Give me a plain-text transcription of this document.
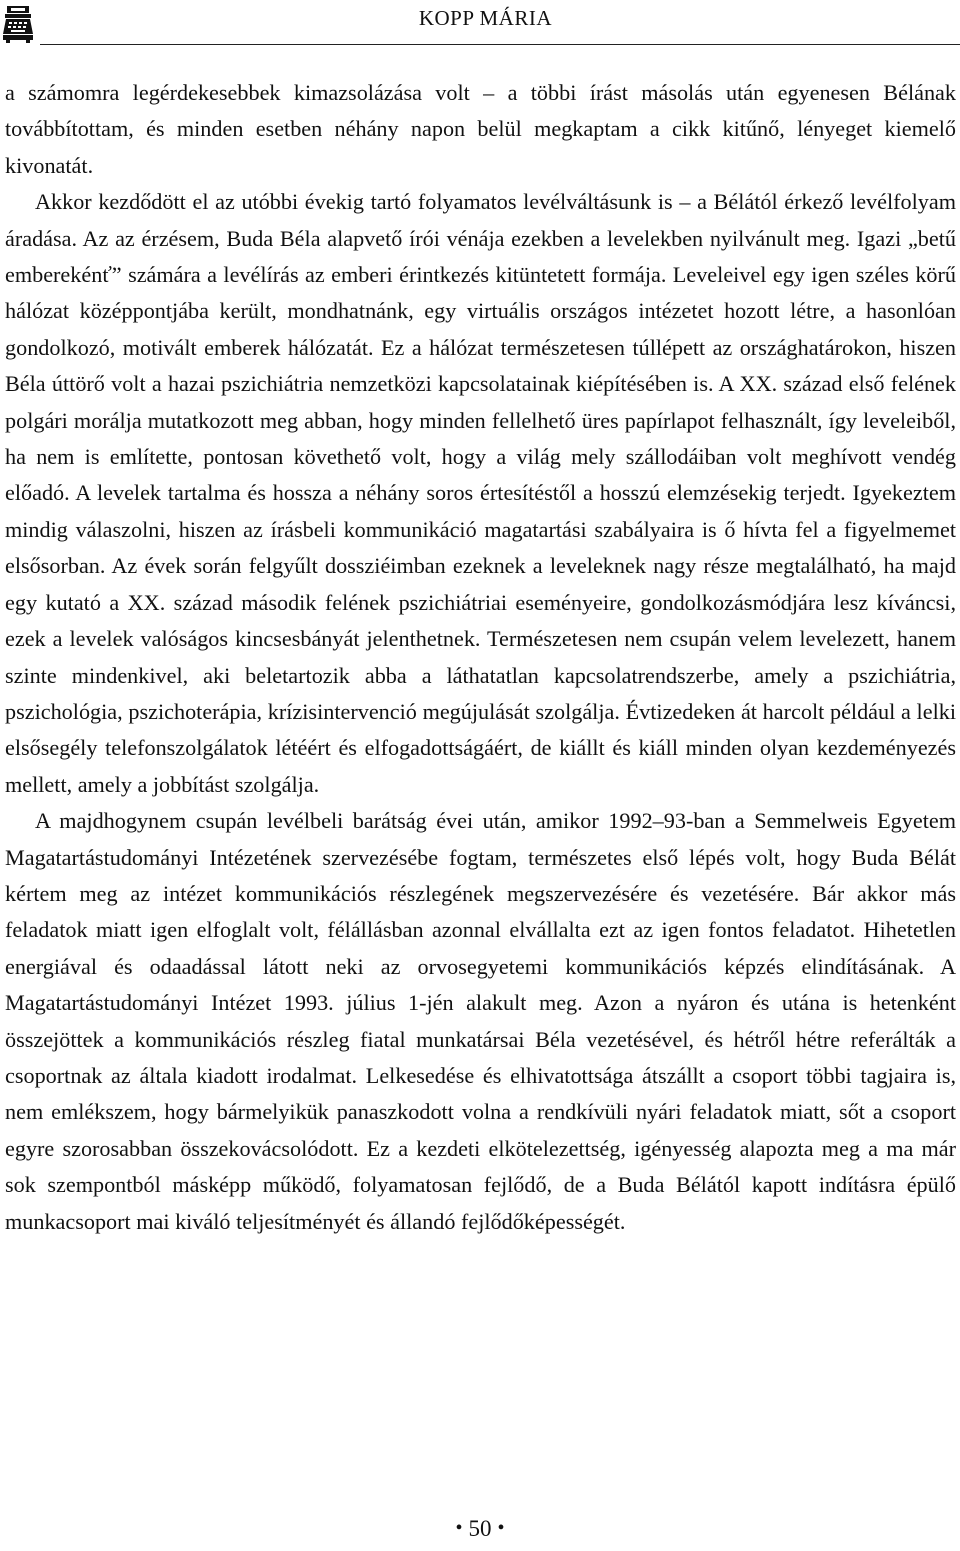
KOPP MÁRIA

a számomra legérdekesebbek kimazsolázása volt – a többi írást másolás után egyenesen Bélának továbbítottam, és minden esetben néhány napon belül megkaptam a cikk kitűnő, lényeget kiemelő kivonatát.

Akkor kezdődött el az utóbbi évekig tartó folyamatos levélváltásunk is – a Bélától érkező levélfolyam áradása. Az az érzésem, Buda Béla alapvető írói vénája ezekben a levelekben nyilvánult meg. Igazi „betű emberekénť” számára a levélírás az emberi érintkezés kitüntetett formája. Leveleivel egy igen széles körű hálózat középpontjába került, mondhatnánk, egy virtuális országos intézetet hozott létre, a hasonlóan gondolkozó, motivált emberek hálózatát. Ez a hálózat természetesen túllépett az országhatárokon, hiszen Béla úttörő volt a hazai pszichiátria nemzetközi kapcsolatainak kiépítésében is. A XX. század első felének polgári morálja mutatkozott meg abban, hogy minden fellelhető üres papírlapot felhasznált, így leveleiből, ha nem is említette, pontosan követhető volt, hogy a világ mely szállodáiban volt meghívott vendég előadó. A levelek tartalma és hossza a néhány soros értesítéstől a hosszú elemzésekig terjedt. Igyekeztem mindig válaszolni, hiszen az írásbeli kommunikáció magatartási szabályaira is ő hívta fel a figyelmemet elsősorban. Az évek során felgyűlt dossziéimban ezeknek a leveleknek nagy része megtalálható, ha majd egy kutató a XX. század második felének pszichiátriai eseményeire, gondolkozásmódjára lesz kíváncsi, ezek a levelek valóságos kincsesbányát jelenthetnek. Természetesen nem csupán velem levelezett, hanem szinte mindenkivel, aki beletartozik abba a láthatatlan kapcsolatrendszerbe, amely a pszichiátria, pszichológia, pszichoterápia, krízisintervenció megújulását szolgálja. Évtizedeken át harcolt például a lelki elsősegély telefonszolgálatok létéért és elfogadottságáért, de kiállt és kiáll minden olyan kezdeményezés mellett, amely a jobbítást szolgálja.

A majdhogynem csupán levélbeli barátság évei után, amikor 1992–93-ban a Semmelweis Egyetem Magatartástudományi Intézetének szervezésébe fogtam, természetes első lépés volt, hogy Buda Bélát kértem meg az intézet kommunikációs részlegének megszervezésére és vezetésére. Bár akkor más feladatok miatt igen elfoglalt volt, félállásban azonnal elvállalta ezt az igen fontos feladatot. Hihetetlen energiával és odaadással látott neki az orvosegyetemi kommunikációs képzés elindításának. A Magatartástudományi Intézet 1993. július 1-jén alakult meg. Azon a nyáron és utána is hetenként összejöttek a kommunikációs részleg fiatal munkatársai Béla vezetésével, és hétről hétre referálták a csoportnak az általa kiadott irodalmat. Lelkesedése és elhivatottsága átszállt a csoport többi tagjaira is, nem emlékszem, hogy bármelyikük panaszkodott volna a rendkívüli nyári feladatok miatt, sőt a csoport egyre szorosabban összekovácsolódott. Ez a kezdeti elkötelezettség, igényesség alapozta meg a ma már sok szempontból másképp működő, folyamatosan fejlődő, de a Buda Bélától kapott indításra épülő munkacsoport mai kiváló teljesítményét és állandó fejlődőképességét.

• 50 •
